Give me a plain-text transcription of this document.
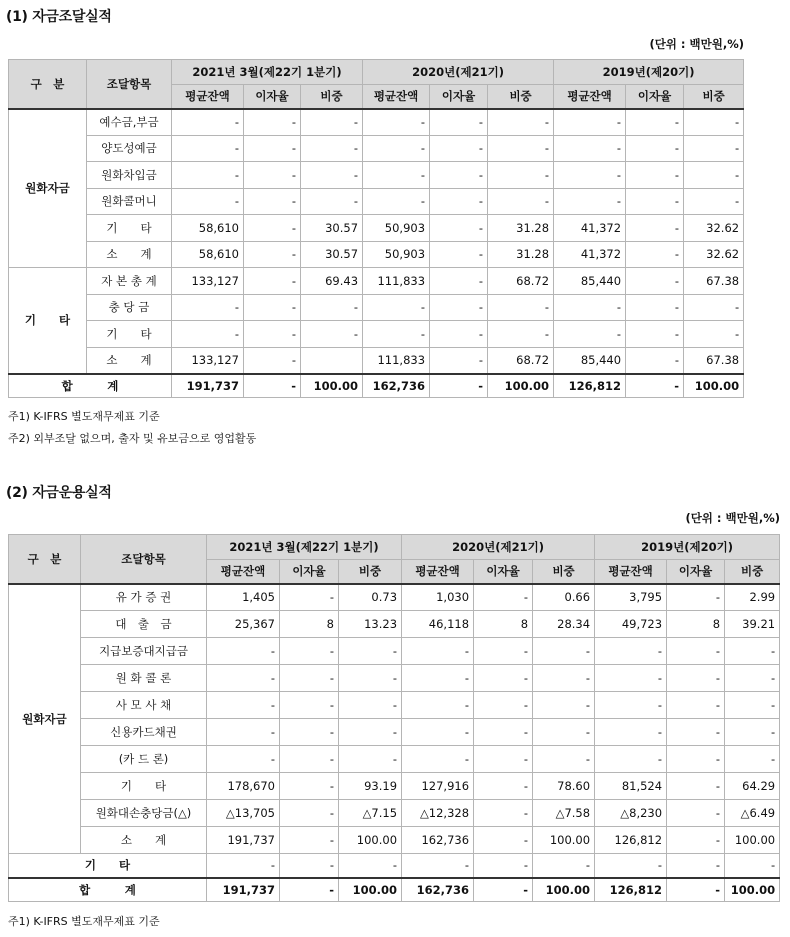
(1) 자금조달실적
(단위 : 백만원,%)
구　분	조달항목	2021년 3월(제22기 1분기)			2020년(제21기)			2019년(제20기)		
		평균잔액	이자율	비중	평균잔액	이자율	비중	평균잔액	이자율	비중
원화자금	예수금,부금	-	-	-	-	-	-	-	-	-
	양도성예금	-	-	-	-	-	-	-	-	-
	원화차입금	-	-	-	-	-	-	-	-	-
	원화콜머니	-	-	-	-	-	-	-	-	-
	기　　타	58,610	-	30.57	50,903	-	31.28	41,372	-	32.62
	소　　계	58,610	-	30.57	50,903	-	31.28	41,372	-	32.62
기　　타	자 본 총 계	133,127	-	69.43	111,833	-	68.72	85,440	-	67.38
	충 당 금	-	-	-	-	-	-	-	-	-
	기　　타	-	-	-	-	-	-	-	-	-
	소　　계	133,127	-		111,833	-	68.72	85,440	-	67.38
합　　　계		191,737	-	100.00	162,736	-	100.00	126,812	-	100.00
주1) K-IFRS 별도재무제표 기준
주2) 외부조달 없으며, 출자 및 유보금으로 영업활동
(2) 자금운용실적
(단위 : 백만원,%)
구　분	조달항목	2021년 3월(제22기 1분기)			2020년(제21기)			2019년(제20기)		
		평균잔액	이자율	비중	평균잔액	이자율	비중	평균잔액	이자율	비중
원화자금	유 가 증 권	1,405	-	0.73	1,030	-	0.66	3,795	-	2.99
	대　출　금	25,367	8	13.23	46,118	8	28.34	49,723	8	39.21
	지급보증대지급금	-	-	-	-	-	-	-	-	-
	원 화 콜 론	-	-	-	-	-	-	-	-	-
	사 모 사 채	-	-	-	-	-	-	-	-	-
	신용카드채권	-	-	-	-	-	-	-	-	-
	(카 드 론)	-	-	-	-	-	-	-	-	-
	기　　타	178,670	-	93.19	127,916	-	78.60	81,524	-	64.29
	원화대손충당금(△)	△13,705	-	△7.15	△12,328	-	△7.58	△8,230	-	△6.49
	소　　계	191,737	-	100.00	162,736	-	100.00	126,812	-	100.00
기　　타		-	-	-	-	-	-	-	-	-
합　　　계		191,737	-	100.00	162,736	-	100.00	126,812	-	100.00
주1) K-IFRS 별도재무제표 기준
